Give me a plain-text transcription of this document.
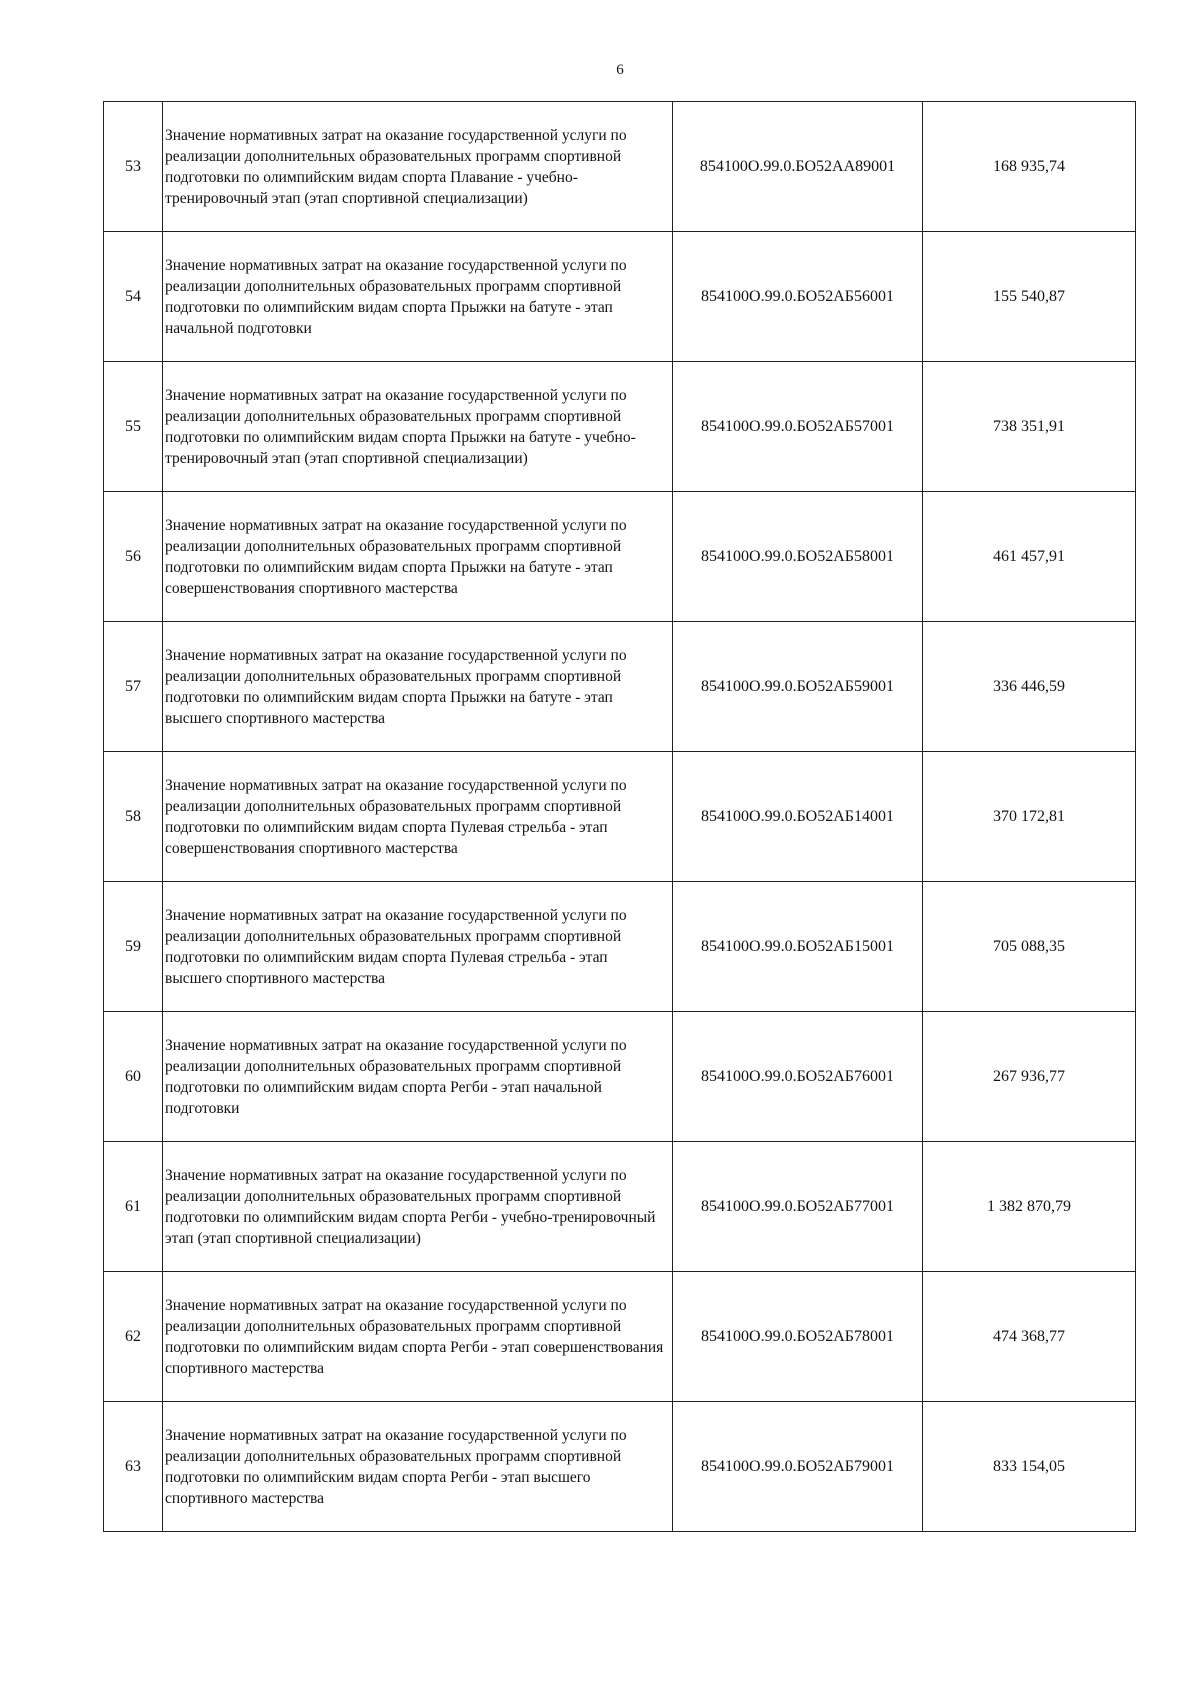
6
53	Значение нормативных затрат на оказание государственной услуги по реализации дополнительных образовательных программ спортивной подготовки по олимпийским видам спорта Плавание - учебно-тренировочный этап (этап спортивной специализации)	854100О.99.0.БО52АА89001	168 935,74
54	Значение нормативных затрат на оказание государственной услуги по реализации дополнительных образовательных программ спортивной подготовки по олимпийским видам спорта Прыжки на батуте - этап начальной подготовки	854100О.99.0.БО52АБ56001	155 540,87
55	Значение нормативных затрат на оказание государственной услуги по реализации дополнительных образовательных программ спортивной подготовки по олимпийским видам спорта Прыжки на батуте - учебно-тренировочный этап (этап спортивной специализации)	854100О.99.0.БО52АБ57001	738 351,91
56	Значение нормативных затрат на оказание государственной услуги по реализации дополнительных образовательных программ спортивной подготовки по олимпийским видам спорта Прыжки на батуте - этап совершенствования спортивного мастерства	854100О.99.0.БО52АБ58001	461 457,91
57	Значение нормативных затрат на оказание государственной услуги по реализации дополнительных образовательных программ спортивной подготовки по олимпийским видам спорта Прыжки на батуте - этап высшего спортивного мастерства	854100О.99.0.БО52АБ59001	336 446,59
58	Значение нормативных затрат на оказание государственной услуги по реализации дополнительных образовательных программ спортивной подготовки по олимпийским видам спорта Пулевая стрельба - этап совершенствования спортивного мастерства	854100О.99.0.БО52АБ14001	370 172,81
59	Значение нормативных затрат на оказание государственной услуги по реализации дополнительных образовательных программ спортивной подготовки по олимпийским видам спорта Пулевая стрельба - этап высшего спортивного мастерства	854100О.99.0.БО52АБ15001	705 088,35
60	Значение нормативных затрат на оказание государственной услуги по реализации дополнительных образовательных программ спортивной подготовки по олимпийским видам спорта Регби - этап начальной подготовки	854100О.99.0.БО52АБ76001	267 936,77
61	Значение нормативных затрат на оказание государственной услуги по реализации дополнительных образовательных программ спортивной подготовки по олимпийским видам спорта Регби - учебно-тренировочный этап (этап спортивной специализации)	854100О.99.0.БО52АБ77001	1 382 870,79
62	Значение нормативных затрат на оказание государственной услуги по реализации дополнительных образовательных программ спортивной подготовки по олимпийским видам спорта Регби - этап совершенствования спортивного мастерства	854100О.99.0.БО52АБ78001	474 368,77
63	Значение нормативных затрат на оказание государственной услуги по реализации дополнительных образовательных программ спортивной подготовки по олимпийским видам спорта Регби - этап высшего спортивного мастерства	854100О.99.0.БО52АБ79001	833 154,05
